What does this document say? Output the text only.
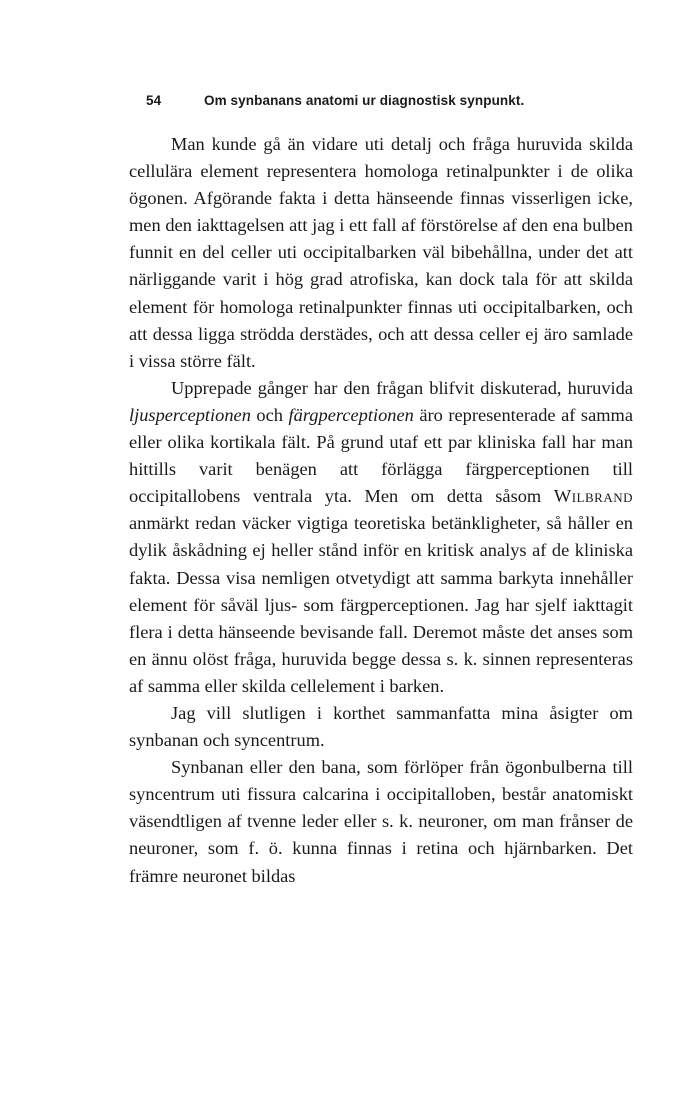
54	Om synbanans anatomi ur diagnostisk synpunkt.

Man kunde gå än vidare uti detalj och fråga huruvida skilda cellulära element representera homologa retinalpunkter i de olika ögonen. Afgörande fakta i detta hänseende finnas visserligen icke, men den iakttagelsen att jag i ett fall af förstörelse af den ena bulben funnit en del celler uti occipitalbarken väl bibehållna, under det att närliggande varit i hög grad atrofiska, kan dock tala för att skilda element för homologa retinalpunkter finnas uti occipitalbarken, och att dessa ligga strödda derstädes, och att dessa celler ej äro samlade i vissa större fält.

Upprepade gånger har den frågan blifvit diskuterad, huruvida ljusperceptionen och färgperceptionen äro representerade af samma eller olika kortikala fält. På grund utaf ett par kliniska fall har man hittills varit benägen att förlägga färgperceptionen till occipitallobens ventrala yta. Men om detta såsom Wilbrand anmärkt redan väcker vigtiga teoretiska betänkligheter, så håller en dylik åskådning ej heller stånd inför en kritisk analys af de kliniska fakta. Dessa visa nemligen otvetydigt att samma barkyta innehåller element för såväl ljus- som färgperceptionen. Jag har sjelf iakttagit flera i detta hänseende bevisande fall. Deremot måste det anses som en ännu olöst fråga, huruvida begge dessa s. k. sinnen representeras af samma eller skilda cellelement i barken.

Jag vill slutligen i korthet sammanfatta mina åsigter om synbanan och syncentrum.

Synbanan eller den bana, som förlöper från ögonbulberna till syncentrum uti fissura calcarina i occipitalloben, består anatomiskt väsendtligen af tvenne leder eller s. k. neuroner, om man frånser de neuroner, som f. ö. kunna finnas i retina och hjärnbarken. Det främre neuronet bildas
